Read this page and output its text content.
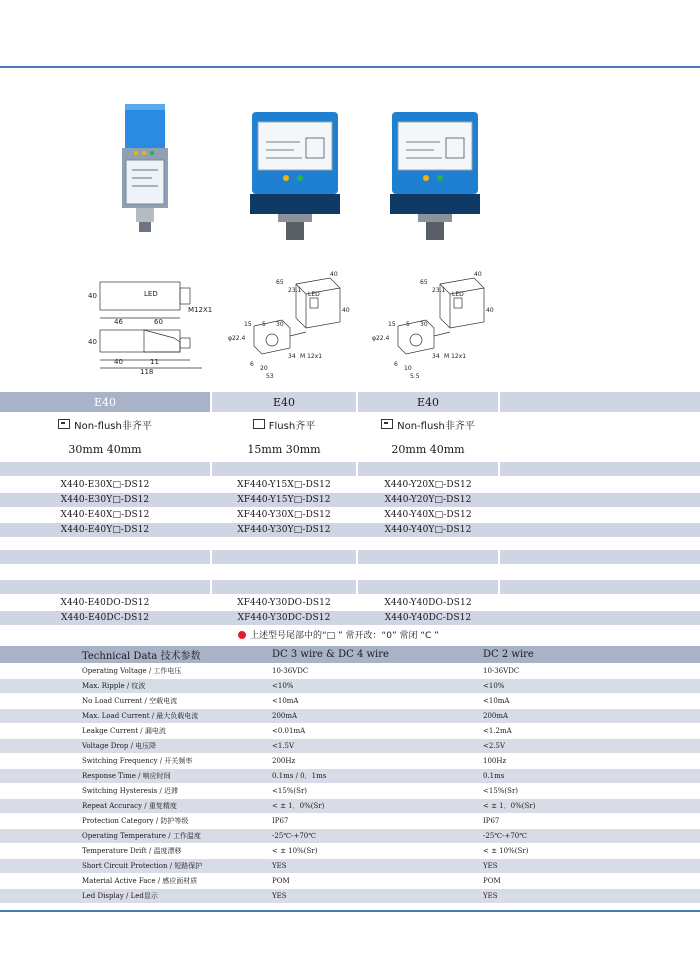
40	LED
M12X1
46	60
40
40	11
118
65
23.1
40
40
LED
15 5 30
φ22.4
6
20
34 M 12x1
53
65
23.1
40
40
LED
15 5 30
φ22.4
6
10
34 M 12x1
5.5
E40	E40	E40
Non-flush非齐平	Flush齐平	Non-flush非齐平
30mm 40mm	15mm 30mm	20mm 40mm
X440-E30X□-DS12	XF440-Y15X□-DS12	X440-Y20X□-DS12
X440-E30Y□-DS12	XF440-Y15Y□-DS12	X440-Y20Y□-DS12
X440-E40X□-DS12	XF440-Y30X□-DS12	X440-Y40X□-DS12
X440-E40Y□-DS12	XF440-Y30Y□-DS12	X440-Y40Y□-DS12
X440-E40DO-DS12	XF440-Y30DO-DS12	X440-Y40DO-DS12
X440-E40DC-DS12	XF440-Y30DC-DS12	X440-Y40DC-DS12
上述型号尾部中的“□ ” 常开改：“0” 常闭 “C ”
Technical Data 技术参数	DC 3 wire & DC 4 wire	DC 2 wire
Operating Voltage / 工作电压	10-36VDC	10-36VDC
Max. Ripple / 纹波	<10%	<10%
No Load Current / 空载电流	<10mA	<10mA
Max. Load Current / 最大负载电流	200mA	200mA
Leakge Current / 漏电流	<0.01mA	<1.2mA
Voltage Drop / 电压降	<1.5V	<2.5V
Switching Frequency / 开关频率	200Hz	100Hz
Response Time / 响应时间	0.1ms / 0．1ms	0.1ms
Switching Hysteresis / 迟滞	<15%(Sr)	<15%(Sr)
Repeat Accuracy / 重复精度	< ± 1．0%(Sr)	< ± 1．0%(Sr)
Protection Category / 防护等级	IP67	IP67
Operating Temperature / 工作温度	-25℃-+70℃	-25℃-+70℃
Temperature Drift / 温度漂移	< ± 10%(Sr)	< ± 10%(Sr)
Short Circuit Protection / 短路保护	YES	YES
Material Active Face / 感应面材质	POM	POM
Led Display / Led显示	YES	YES
